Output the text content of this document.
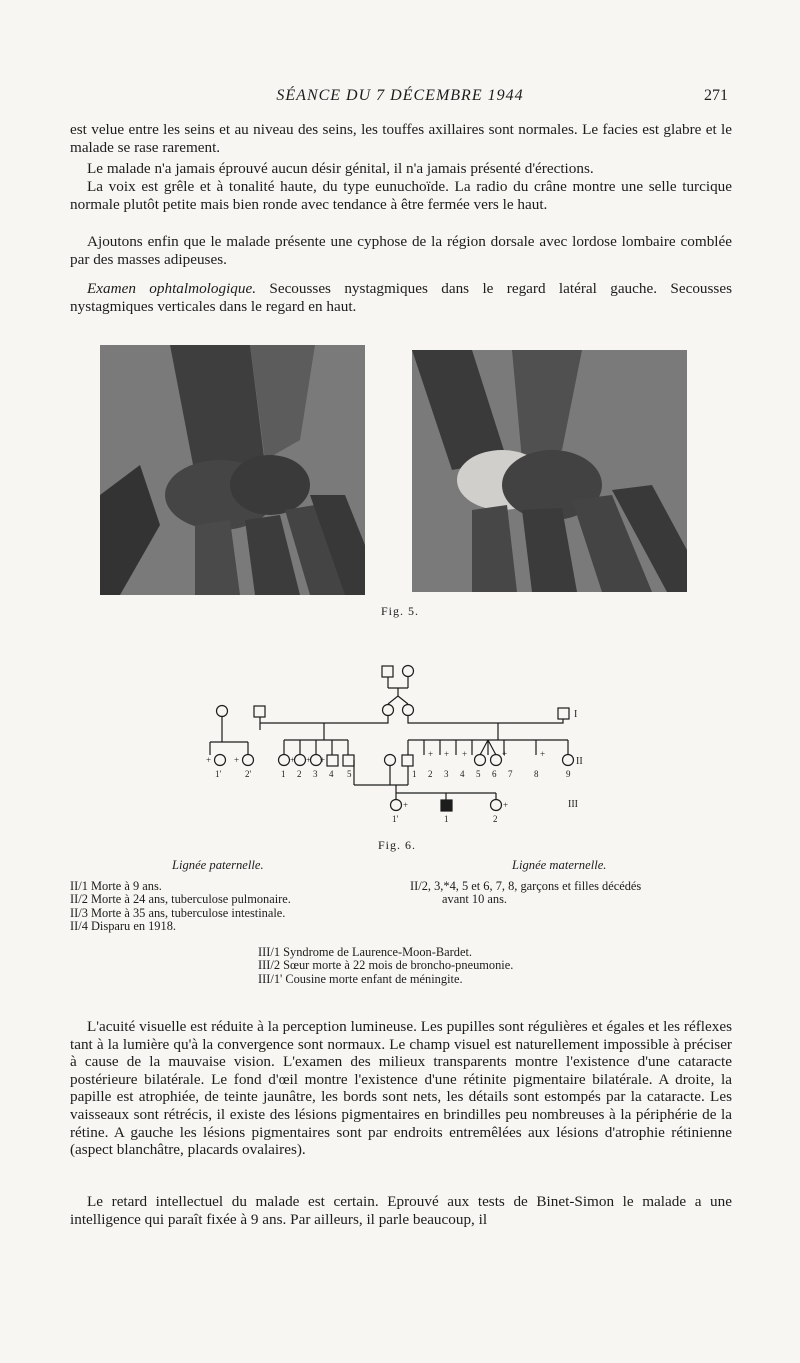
SÉANCE DU 7 DÉCEMBRE 1944	271

est velue entre les seins et au niveau des seins, les touffes axillaires sont normales. Le facies est glabre et le malade se rase rarement.

Le malade n'a jamais éprouvé aucun désir génital, il n'a jamais présenté d'érections.

La voix est grêle et à tonalité haute, du type eunuchoïde. La radio du crâne montre une selle turcique normale plutôt petite mais bien ronde avec tendance à être fermée vers le haut.

Ajoutons enfin que le malade présente une cyphose de la région dorsale avec lordose lombaire comblée par des masses adipeuses.

Examen ophtalmologique. Secousses nystagmiques dans le regard latéral gauche. Secousses nystagmiques verticales dans le regard en haut.

Fig. 5.
I
II
III
1'	2'	1 2 3 4 5	1 2 3 4 5 6 7 8	9
1'	1	2
+	+	+ + +
+ + +	+	+
+	+
Fig. 6.
Lignée paternelle.
II/1 Morte à 9 ans.
II/2 Morte à 24 ans, tuberculose pulmonaire.
II/3 Morte à 35 ans, tuberculose intestinale.
II/4 Disparu en 1918.
Lignée maternelle.
II/2, 3,*4, 5 et 6, 7, 8, garçons et filles décédés
avant 10 ans.
III/1 Syndrome de Laurence-Moon-Bardet.
III/2 Sœur morte à 22 mois de broncho-pneumonie.
III/1' Cousine morte enfant de méningite.

L'acuité visuelle est réduite à la perception lumineuse. Les pupilles sont régulières et égales et les réflexes tant à la lumière qu'à la convergence sont normaux. Le champ visuel est naturellement impossible à préciser à cause de la mauvaise vision. L'examen des milieux transparents montre l'existence d'une cataracte postérieure bilatérale. Le fond d'œil montre l'existence d'une rétinite pigmentaire bilatérale. A droite, la papille est atrophiée, de teinte jaunâtre, les bords sont nets, les détails sont estompés par la cataracte. Les vaisseaux sont rétrécis, il existe des lésions pigmentaires en brindilles peu nombreuses à la périphérie de la rétine. A gauche les lésions pigmentaires sont par endroits entremêlées aux lésions d'atrophie rétinienne (aspect blanchâtre, placards ovalaires).

Le retard intellectuel du malade est certain. Eprouvé aux tests de Binet-Simon le malade a une intelligence qui paraît fixée à 9 ans. Par ailleurs, il parle beaucoup, il
